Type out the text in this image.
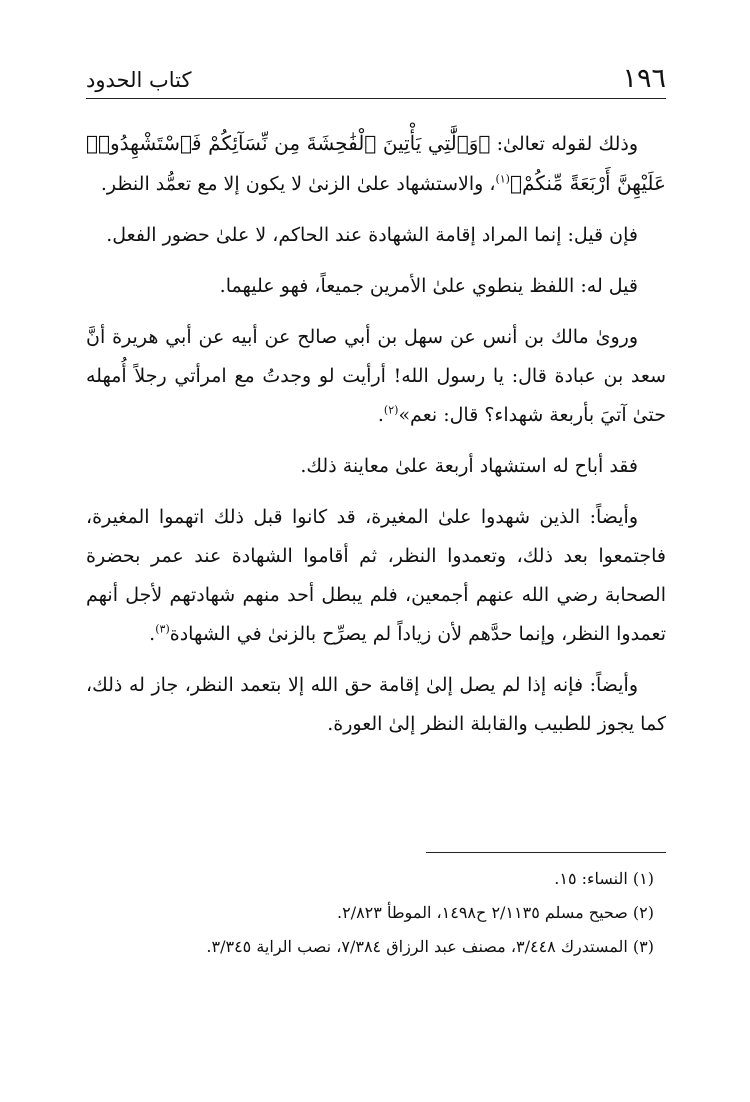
١٩٦
كتاب الحدود

وذلك لقوله تعالىٰ: ﴿وَٱلَّٰتِي يَأْتِينَ ٱلْفَٰحِشَةَ مِن نِّسَآئِكُمْ فَٱسْتَشْهِدُوا۟ عَلَيْهِنَّ أَرْبَعَةً مِّنكُمْ﴾$^{(١)}$، والاستشهاد علىٰ الزنىٰ لا يكون إلا مع تعمُّد النظر.

فإن قيل: إنما المراد إقامة الشهادة عند الحاكم، لا علىٰ حضور الفعل.

قيل له: اللفظ ينطوي علىٰ الأمرين جميعاً، فهو عليهما.

وروىٰ مالك بن أنس عن سهل بن أبي صالح عن أبيه عن أبي هريرة أنَّ سعد بن عبادة قال: يا رسول الله! أرأيت لو وجدتُ مع امرأتي رجلاً أُمهله حتىٰ آتيَ بأربعة شهداء؟ قال: نعم»$^{(٢)}$.

فقد أباح له استشهاد أربعة علىٰ معاينة ذلك.

وأيضاً: الذين شهدوا علىٰ المغيرة، قد كانوا قبل ذلك اتهموا المغيرة، فاجتمعوا بعد ذلك، وتعمدوا النظر، ثم أقاموا الشهادة عند عمر بحضرة الصحابة رضي الله عنهم أجمعين، فلم يبطل أحد منهم شهادتهم لأجل أنهم تعمدوا النظر، وإنما حدَّهم لأن زياداً لم يصرِّح بالزنىٰ في الشهادة$^{(٣)}$.

وأيضاً: فإنه إذا لم يصل إلىٰ إقامة حق الله إلا بتعمد النظر، جاز له ذلك، كما يجوز للطبيب والقابلة النظر إلىٰ العورة.

(١) النساء: ١٥.

(٢) صحيح مسلم ٢/١١٣٥ ح١٤٩٨، الموطأ ٢/٨٢٣.

(٣) المستدرك ٣/٤٤٨، مصنف عبد الرزاق ٧/٣٨٤، نصب الراية ٣/٣٤٥.
